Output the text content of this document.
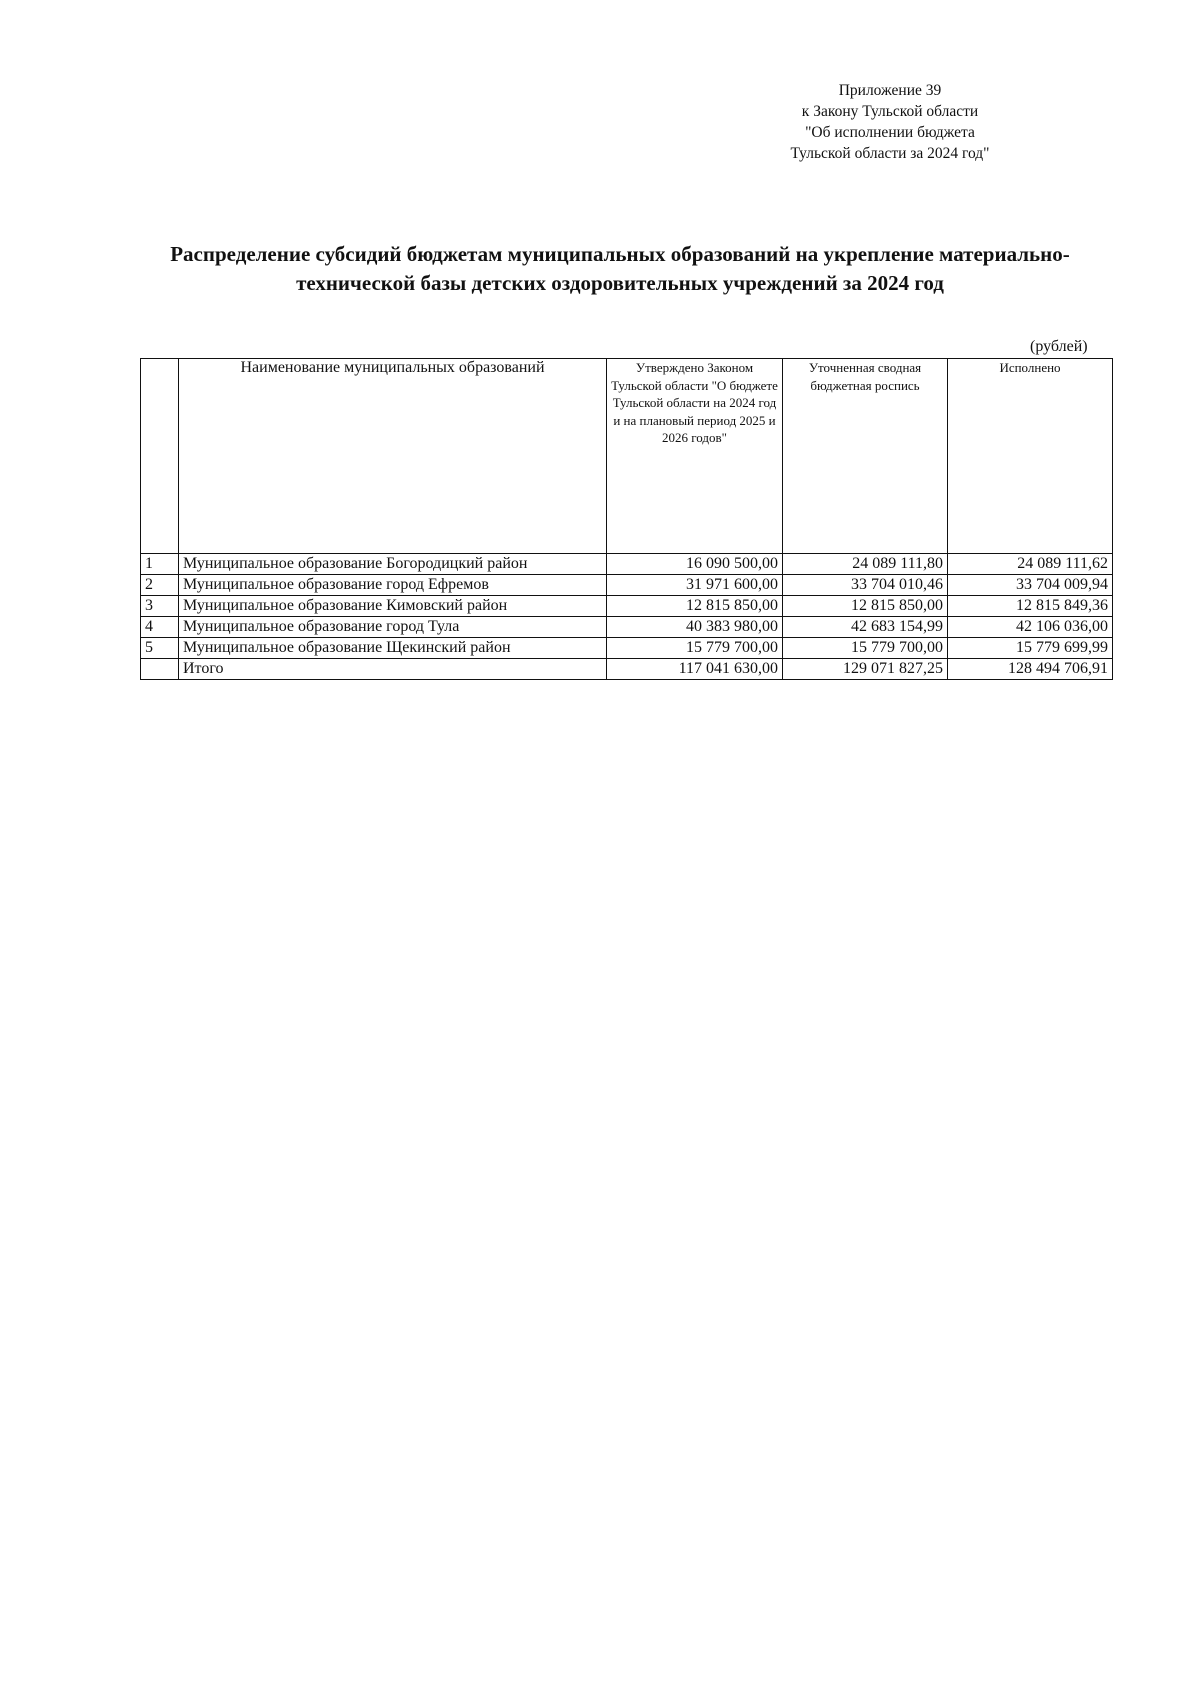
Приложение 39
к Закону Тульской области
"Об исполнении бюджета
Тульской области за 2024 год"
Распределение субсидий бюджетам муниципальных образований на укрепление материально-
технической базы детских оздоровительных учреждений за 2024 год
(рублей)
	Наименование муниципальных образований	Утверждено Законом Тульской области "О бюджете Тульской области на 2024 год и на плановый период 2025 и 2026 годов"	Уточненная сводная бюджетная роспись	Исполнено
1	Муниципальное образование Богородицкий район	16 090 500,00	24 089 111,80	24 089 111,62
2	Муниципальное образование город Ефремов	31 971 600,00	33 704 010,46	33 704 009,94
3	Муниципальное образование Кимовский район	12 815 850,00	12 815 850,00	12 815 849,36
4	Муниципальное образование город Тула	40 383 980,00	42 683 154,99	42 106 036,00
5	Муниципальное образование Щекинский район	15 779 700,00	15 779 700,00	15 779 699,99
	Итого	117 041 630,00	129 071 827,25	128 494 706,91
